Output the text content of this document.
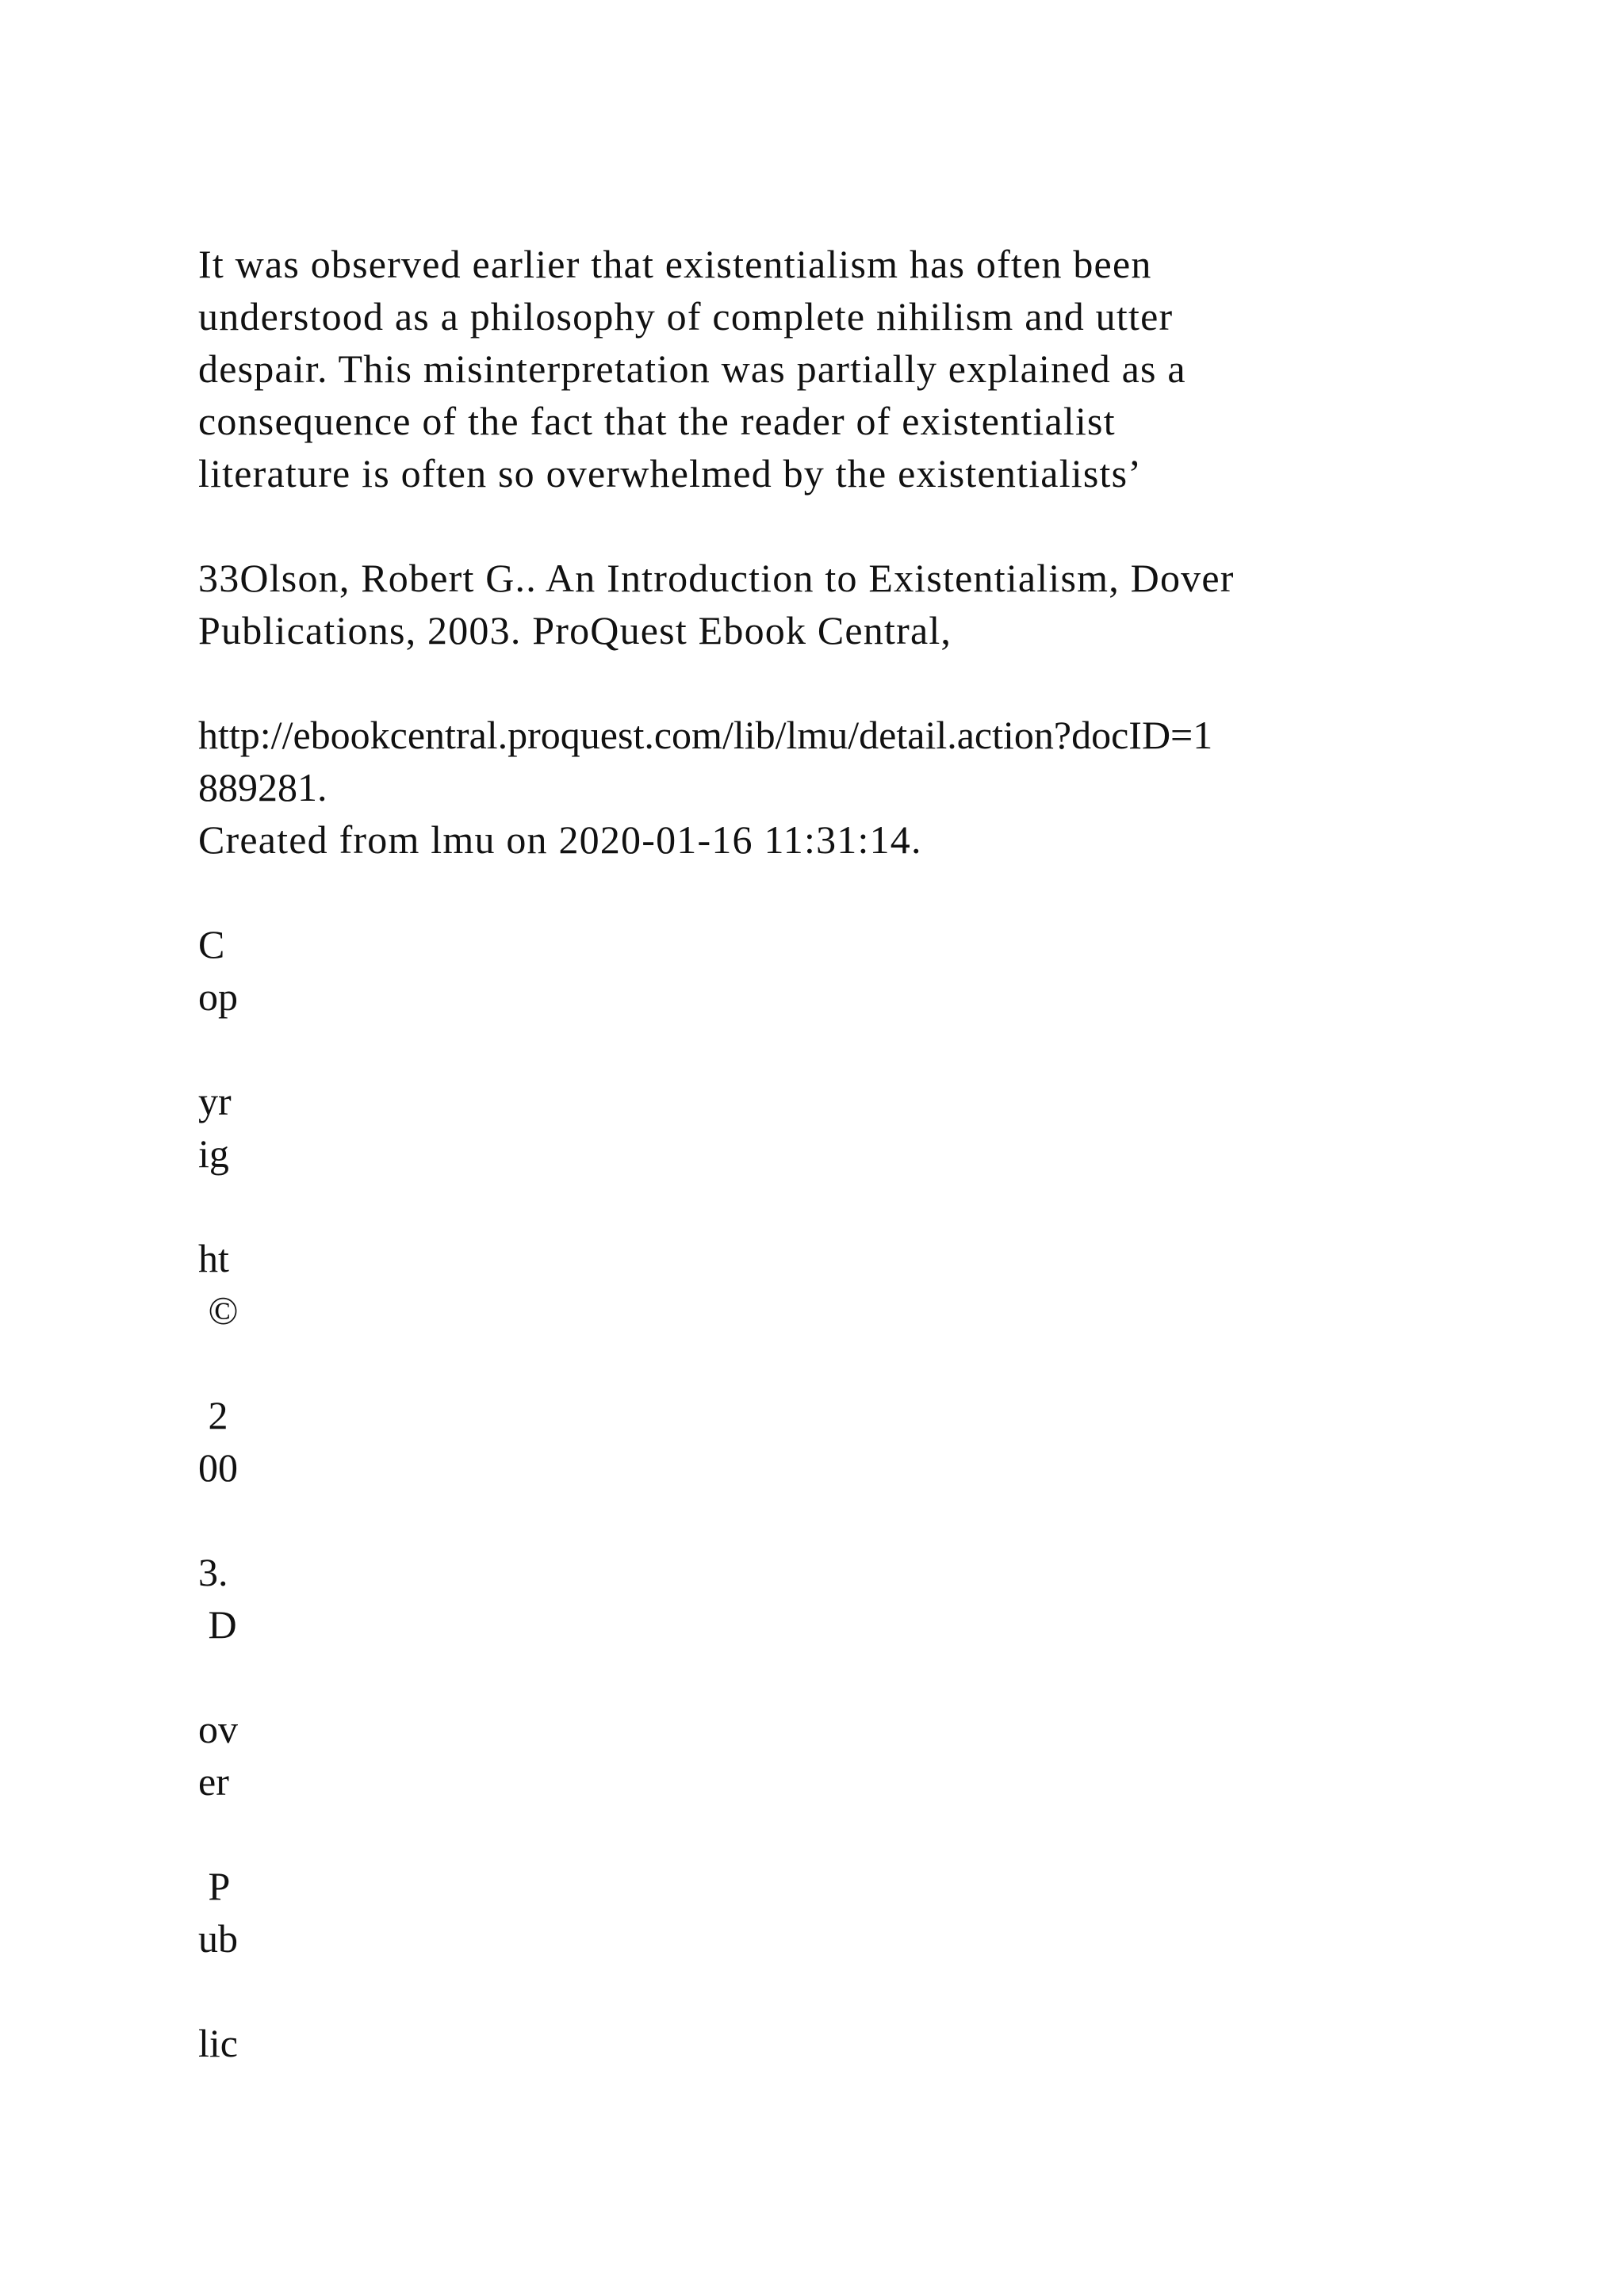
It was observed earlier that existentialism has often been
understood as a philosophy of complete nihilism and utter
despair. This misinterpretation was partially explained as a
consequence of the fact that the reader of existentialist
literature is often so overwhelmed by the existentialists’
33Olson, Robert G.. An Introduction to Existentialism, Dover
Publications, 2003. ProQuest Ebook Central,
http://ebookcentral.proquest.com/lib/lmu/detail.action?docID=1
889281.
Created from lmu on 2020-01-16 11:31:14.
C
op
yr
ig
ht
©
2
00
3.
D
ov
er
P
ub
lic
